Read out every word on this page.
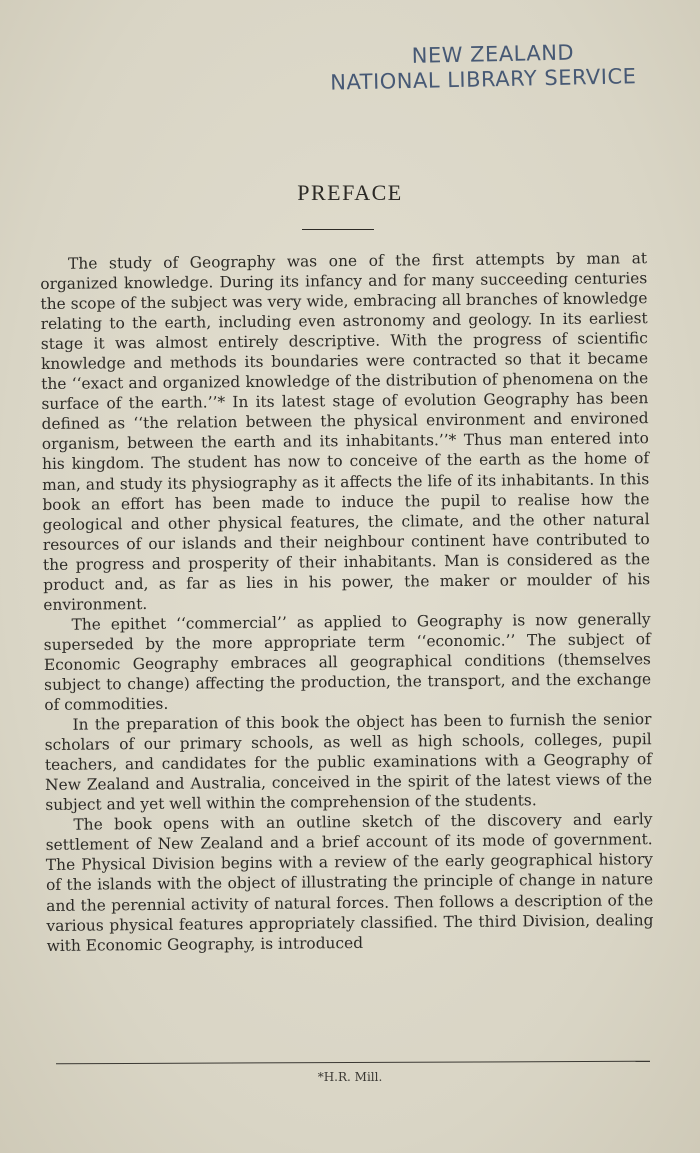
NEW ZEALAND
NATIONAL LIBRARY SERVICE
PREFACE

The study of Geography was one of the first attempts by man at organized knowledge. During its infancy and for many succeeding centuries the scope of the subject was very wide, embracing all branches of knowledge relating to the earth, including even astronomy and geology. In its earliest stage it was almost entirely descriptive. With the progress of scientific knowledge and methods its boundaries were contracted so that it became the ‘‘exact and organized knowledge of the distribution of phenomena on the surface of the earth.’’* In its latest stage of evolution Geography has been defined as ‘‘the relation between the physical environment and environed organism, between the earth and its inhabitants.’’* Thus man entered into his kingdom. The student has now to conceive of the earth as the home of man, and study its physiography as it affects the life of its inhabitants. In this book an effort has been made to induce the pupil to realise how the geological and other physical features, the climate, and the other natural resources of our islands and their neighbour continent have contributed to the progress and prosperity of their inhabitants. Man is considered as the product and, as far as lies in his power, the maker or moulder of his environment.

The epithet ‘‘commercial’’ as applied to Geography is now generally superseded by the more appropriate term ‘‘economic.’’ The subject of Economic Geography embraces all geographical conditions (themselves subject to change) affecting the production, the transport, and the exchange of commodities.

In the preparation of this book the object has been to furnish the senior scholars of our primary schools, as well as high schools, colleges, pupil teachers, and candidates for the public examinations with a Geography of New Zealand and Australia, conceived in the spirit of the latest views of the subject and yet well within the comprehension of the students.

The book opens with an outline sketch of the discovery and early settlement of New Zealand and a brief account of its mode of government. The Physical Division begins with a review of the early geographical history of the islands with the object of illustrating the principle of change in nature and the perennial activity of natural forces. Then follows a description of the various physical features appropriately classified. The third Division, dealing with Economic Geography, is introduced

*H.R. Mill.
